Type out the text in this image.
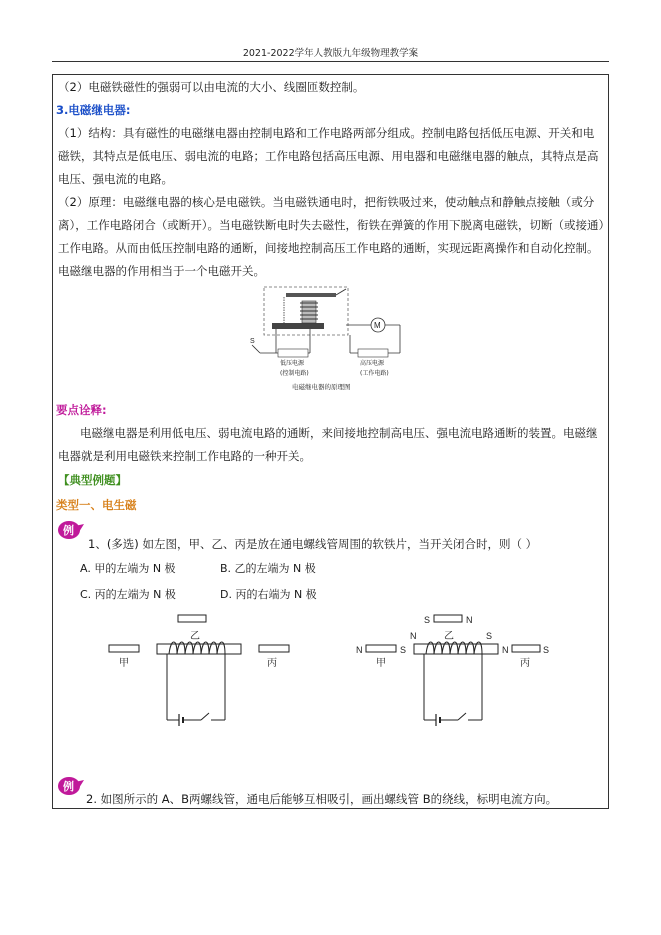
2021-2022学年人教版九年级物理教学案
（2）电磁铁磁性的强弱可以由电流的大小、线圈匝数控制。
3.电磁继电器:
（1）结构：具有磁性的电磁继电器由控制电路和工作电路两部分组成。控制电路包括低压电源、开关和电
磁铁，其特点是低电压、弱电流的电路；工作电路包括高压电源、用电器和电磁继电器的触点，其特点是高
电压、强电流的电路。
（2）原理：电磁继电器的核心是电磁铁。当电磁铁通电时，把衔铁吸过来，使动触点和静触点接触（或分
离），工作电路闭合（或断开）。当电磁铁断电时失去磁性，衔铁在弹簧的作用下脱离电磁铁，切断（或接通）
工作电路。从而由低压控制电路的通断，间接地控制高压工作电路的通断，实现远距离操作和自动化控制。
电磁继电器的作用相当于一个电磁开关。
S
低压电源
(控制电路)
M
高压电源
(工作电路)
电磁继电器的原理图
要点诠释:
电磁继电器是利用低电压、弱电流电路的通断，来间接地控制高电压、强电流电路通断的装置。电磁继
电器就是利用电磁铁来控制工作电路的一种开关。
【典型例题】
类型一、电生磁
例
1、(多选) 如左图，甲、乙、丙是放在通电螺线管周围的软铁片，当开关闭合时，则（ ）
A. 甲的左端为 N 极	B. 乙的左端为 N 极
C. 丙的左端为 N 极	D. 丙的右端为 N 极
乙
甲	丙
S	N
N	乙	S
N	S
甲
N	S
丙
例
2. 如图所示的 A、B两螺线管，通电后能够互相吸引，画出螺线管 B的绕线，标明电流方向。
